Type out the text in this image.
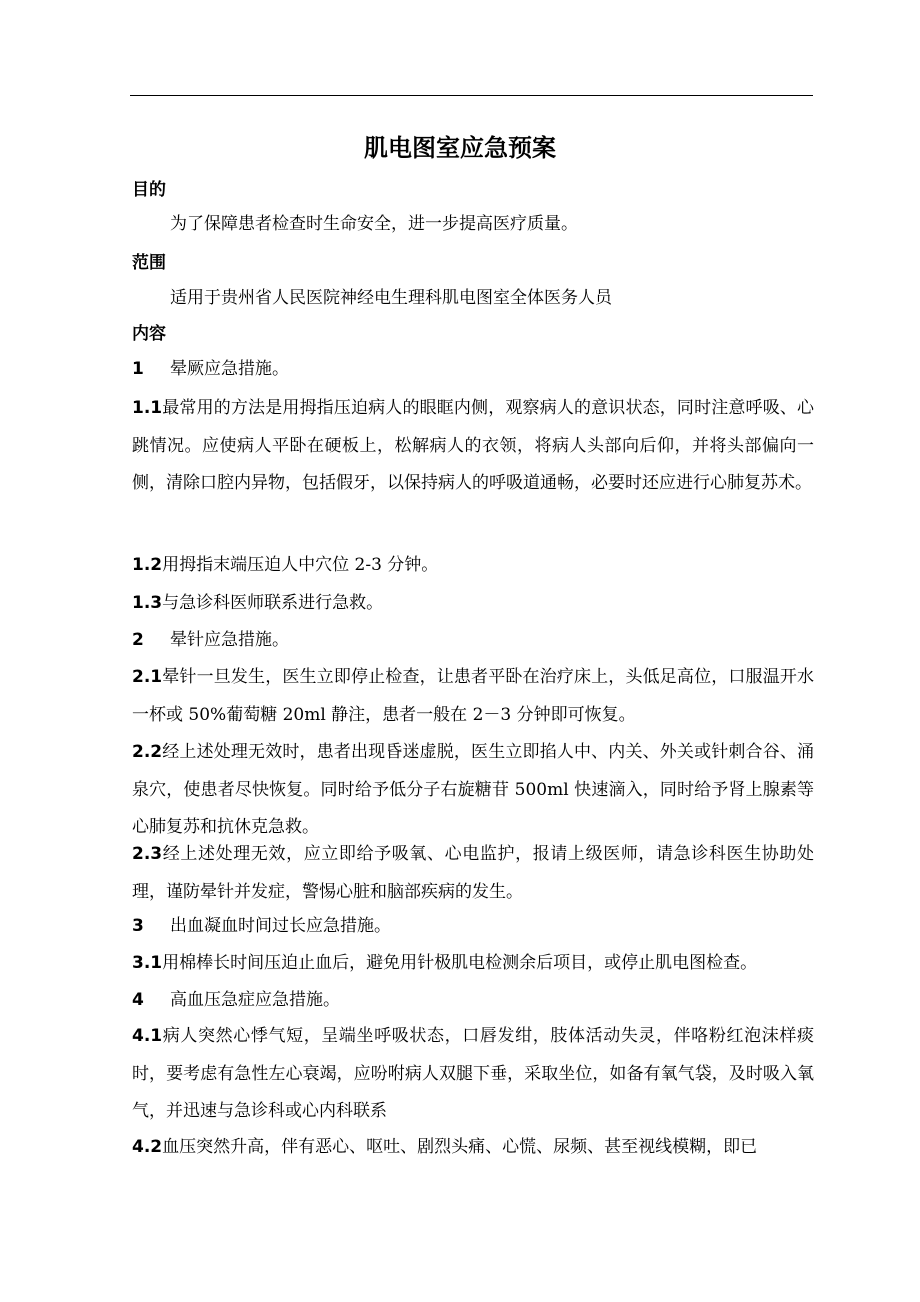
肌电图室应急预案
目的
为了保障患者检查时生命安全，进一步提高医疗质量。
范围
适用于贵州省人民医院神经电生理科肌电图室全体医务人员
内容
1 晕厥应急措施。
1.1最常用的方法是用拇指压迫病人的眼眶内侧，观察病人的意识状态，同时注意呼吸、心跳情况。应使病人平卧在硬板上，松解病人的衣领，将病人头部向后仰，并将头部偏向一侧，清除口腔内异物，包括假牙，以保持病人的呼吸道通畅，必要时还应进行心肺复苏术。
1.2用拇指末端压迫人中穴位 2-3 分钟。
1.3与急诊科医师联系进行急救。
2 晕针应急措施。
2.1晕针一旦发生，医生立即停止检查，让患者平卧在治疗床上，头低足高位，口服温开水一杯或 50%葡萄糖 20ml 静注，患者一般在 2－3 分钟即可恢复。
2.2经上述处理无效时，患者出现昏迷虚脱，医生立即掐人中、内关、外关或针刺合谷、涌泉穴，使患者尽快恢复。同时给予低分子右旋糖苷 500ml 快速滴入，同时给予肾上腺素等心肺复苏和抗休克急救。
2.3经上述处理无效，应立即给予吸氧、心电监护，报请上级医师，请急诊科医生协助处理，谨防晕针并发症，警惕心脏和脑部疾病的发生。
3 出血凝血时间过长应急措施。
3.1用棉棒长时间压迫止血后，避免用针极肌电检测余后项目，或停止肌电图检查。
4 高血压急症应急措施。
4.1病人突然心悸气短，呈端坐呼吸状态，口唇发绀，肢体活动失灵，伴咯粉红泡沫样痰时，要考虑有急性左心衰竭，应吩咐病人双腿下垂，采取坐位，如备有氧气袋，及时吸入氧气，并迅速与急诊科或心内科联系
4.2血压突然升高，伴有恶心、呕吐、剧烈头痛、心慌、尿频、甚至视线模糊，即已
